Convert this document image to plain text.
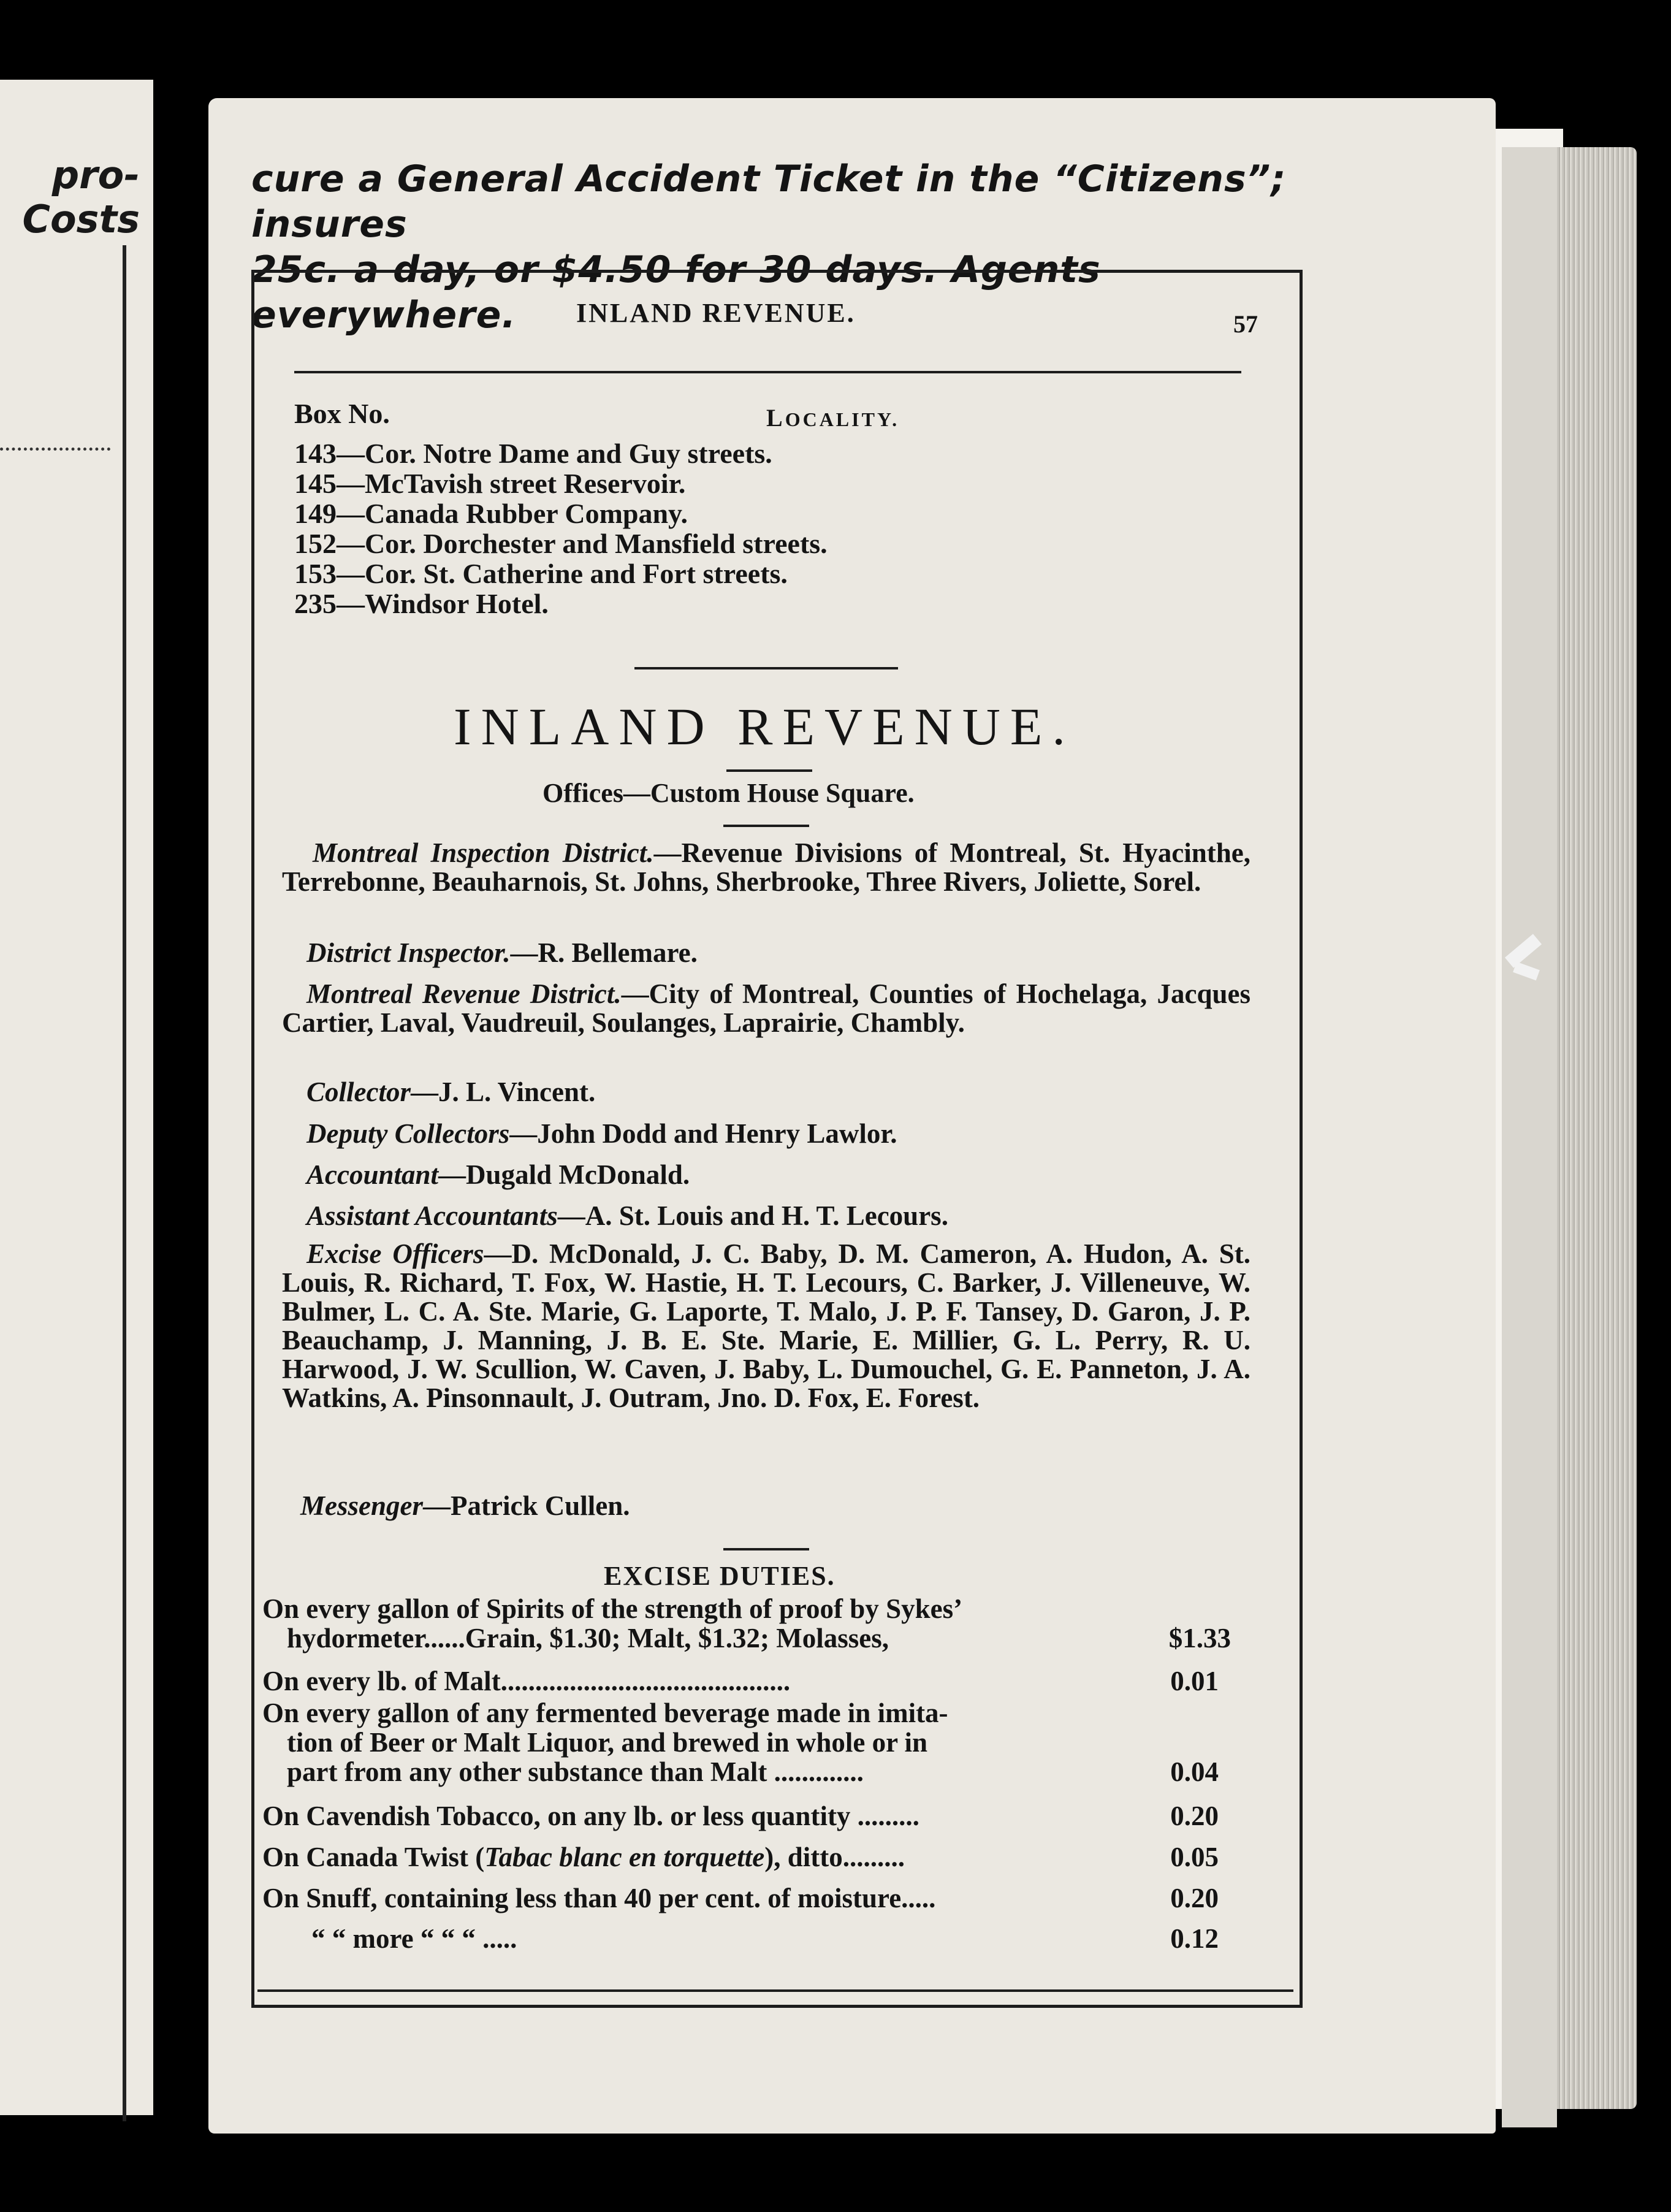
pro-
Costs
cure a General Accident Ticket in the “Citizens”; insures
25c. a day, or $4.50 for 30 days. Agents everywhere.	INLAND REVENUE.	57
Box No.	LOCALITY.
143—Cor. Notre Dame and Guy streets.
145—McTavish street Reservoir.
149—Canada Rubber Company.
152—Cor. Dorchester and Mansfield streets.
153—Cor. St. Catherine and Fort streets.
235—Windsor Hotel.
INLAND REVENUE.
Offices—Custom House Square.
Montreal Inspection District.—Revenue Divisions of Montreal, St. Hyacinthe, Terrebonne, Beauharnois, St. Johns, Sherbrooke, Three Rivers, Joliette, Sorel.
District Inspector.—R. Bellemare.
Montreal Revenue District.—City of Montreal, Counties of Hochelaga, Jacques Cartier, Laval, Vaudreuil, Soulanges, Laprairie, Chambly.
Collector—J. L. Vincent.
Deputy Collectors—John Dodd and Henry Lawlor.
Accountant—Dugald McDonald.
Assistant Accountants—A. St. Louis and H. T. Lecours.
Excise Officers—D. McDonald, J. C. Baby, D. M. Cameron, A. Hudon, A. St. Louis, R. Richard, T. Fox, W. Hastie, H. T. Lecours, C. Barker, J. Villeneuve, W. Bulmer, L. C. A. Ste. Marie, G. Laporte, T. Malo, J. P. F. Tansey, D. Garon, J. P. Beauchamp, J. Manning, J. B. E. Ste. Marie, E. Millier, G. L. Perry, R. U. Harwood, J. W. Scullion, W. Caven, J. Baby, L. Dumouchel, G. E. Panneton, J. A. Watkins, A. Pinsonnault, J. Outram, Jno. D. Fox, E. Forest.
Messenger—Patrick Cullen.
EXCISE DUTIES.
On every gallon of Spirits of the strength of proof by Sykes’
hydormeter......Grain, $1.30; Malt, $1.32; Molasses,	$1.33
On every lb. of Malt..........................................	0.01
On every gallon of any fermented beverage made in imita-
tion of Beer or Malt Liquor, and brewed in whole or in
part from any other substance than Malt .............	0.04
On Cavendish Tobacco, on any lb. or less quantity .........	0.20
On Canada Twist (Tabac blanc en torquette), ditto.........	0.05
On Snuff, containing less than 40 per cent. of moisture.....	0.20
“ “ more “ “ “ .....	0.12
